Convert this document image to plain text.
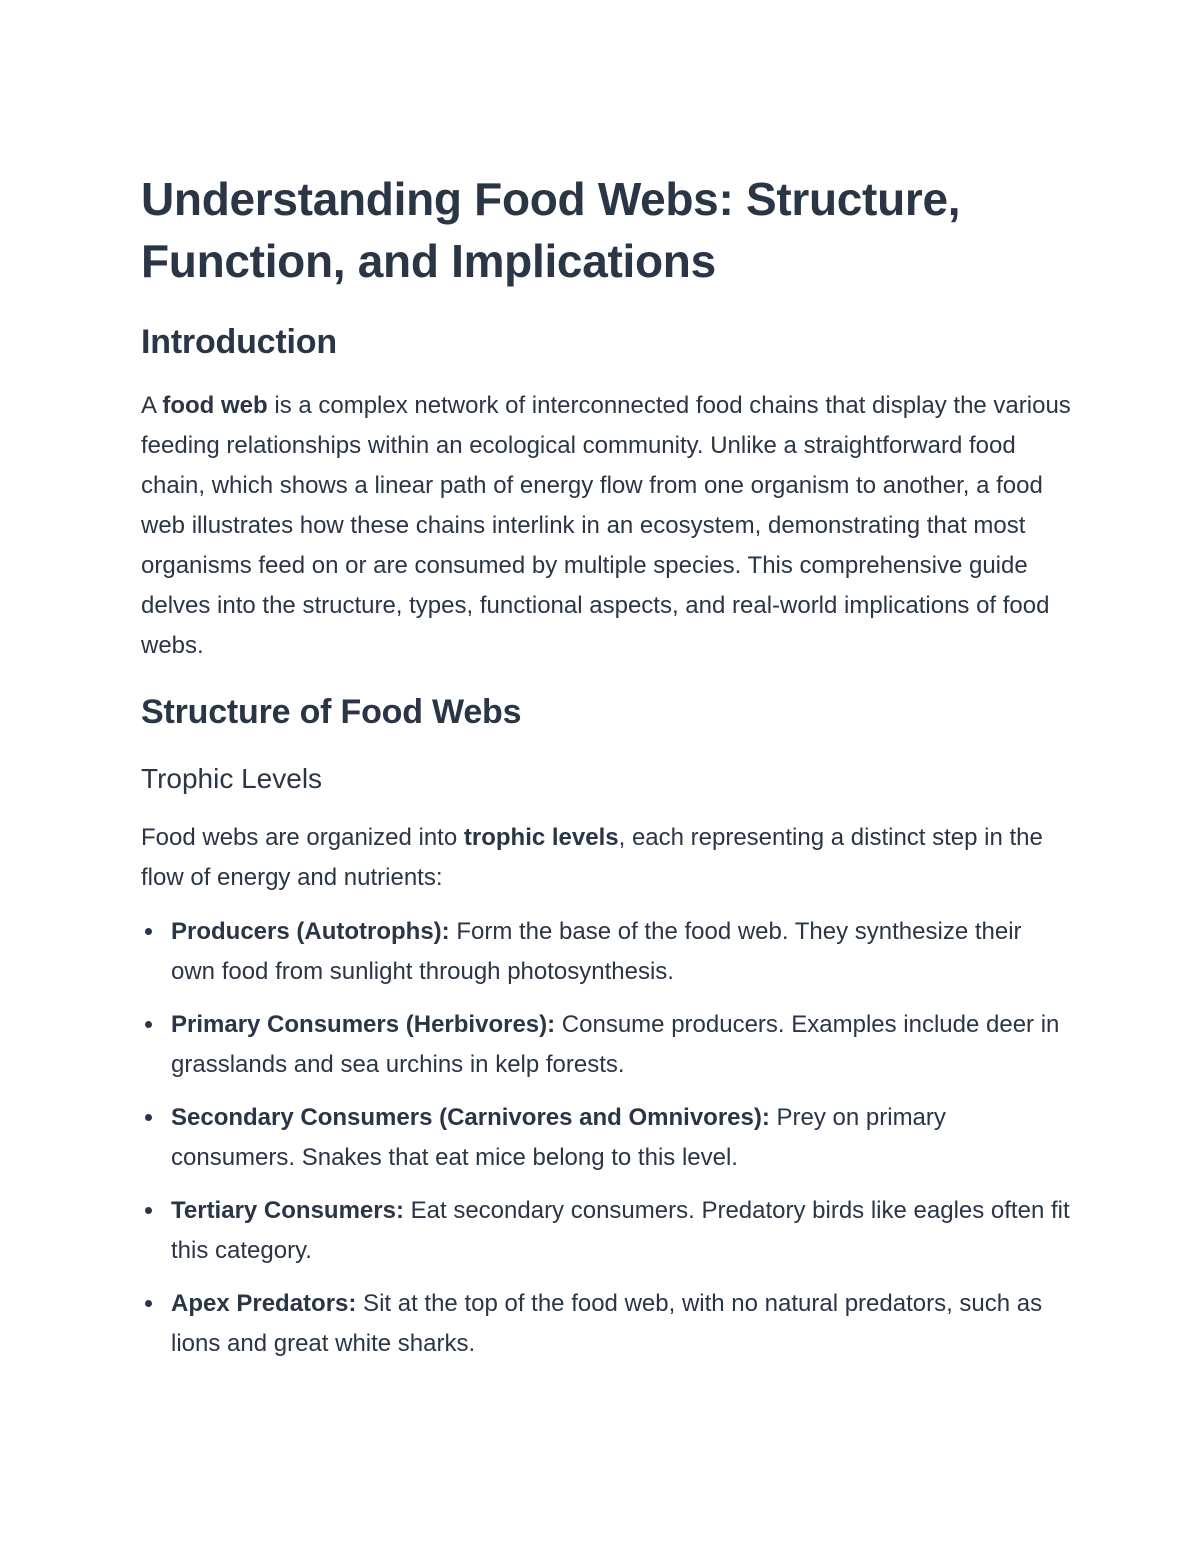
Understanding Food Webs: Structure, Function, and Implications
Introduction

A food web is a complex network of interconnected food chains that display the various feeding relationships within an ecological community. Unlike a straightforward food chain, which shows a linear path of energy flow from one organism to another, a food web illustrates how these chains interlink in an ecosystem, demonstrating that most organisms feed on or are consumed by multiple species. This comprehensive guide delves into the structure, types, functional aspects, and real-world implications of food webs.

Structure of Food Webs
Trophic Levels

Food webs are organized into trophic levels, each representing a distinct step in the flow of energy and nutrients:

Producers (Autotrophs): Form the base of the food web. They synthesize their own food from sunlight through photosynthesis.
Primary Consumers (Herbivores): Consume producers. Examples include deer in grasslands and sea urchins in kelp forests.
Secondary Consumers (Carnivores and Omnivores): Prey on primary consumers. Snakes that eat mice belong to this level.
Tertiary Consumers: Eat secondary consumers. Predatory birds like eagles often fit this category.
Apex Predators: Sit at the top of the food web, with no natural predators, such as lions and great white sharks.
